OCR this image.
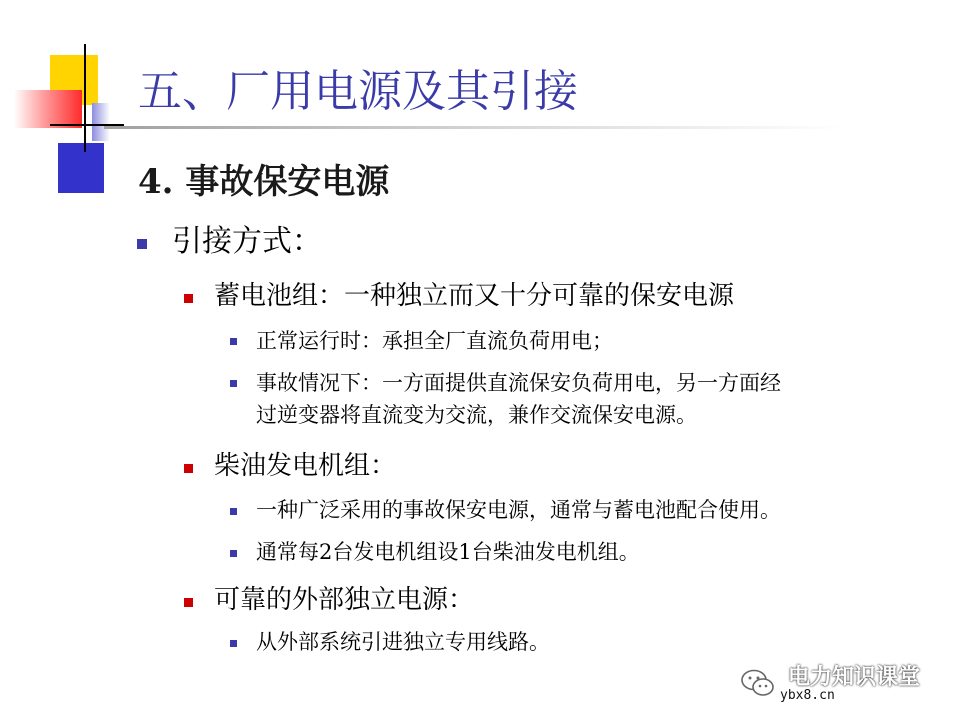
五、厂用电源及其引接
4. 事故保安电源
引接方式：
蓄电池组：一种独立而又十分可靠的保安电源
正常运行时：承担全厂直流负荷用电；
事故情况下：一方面提供直流保安负荷用电，另一方面经
过逆变器将直流变为交流，兼作交流保安电源。
柴油发电机组：
一种广泛采用的事故保安电源，通常与蓄电池配合使用。
通常每2台发电机组设1台柴油发电机组。
可靠的外部独立电源：
从外部系统引进独立专用线路。
电力知识课堂
ybx8.cn
